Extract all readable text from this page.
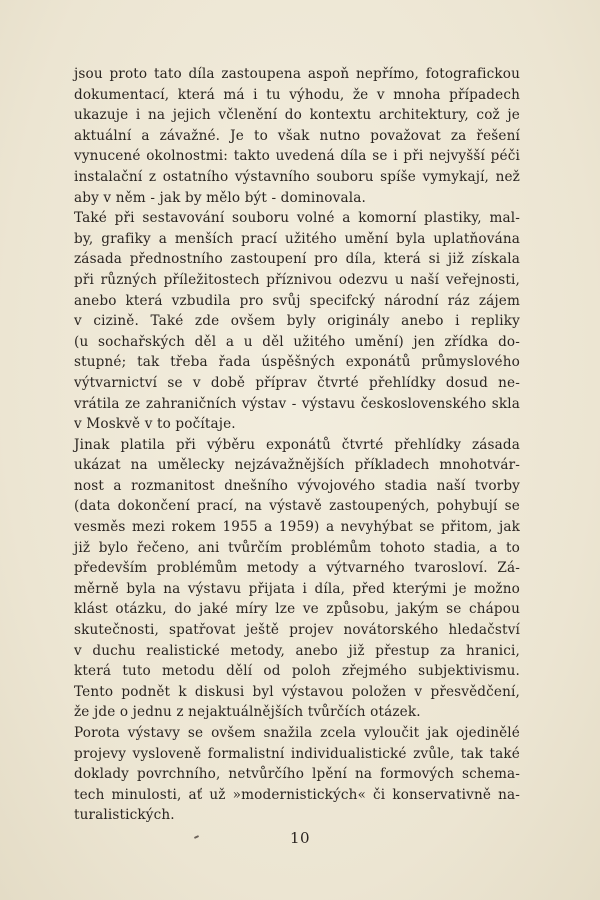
jsou proto tato díla zastoupena aspoň nepřímo, fotografickou
dokumentací, která má i tu výhodu, že v mnoha případech
ukazuje i na jejich včlenění do kontextu architektury, což je
aktuální a závažné. Je to však nutno považovat za řešení
vynucené okolnostmi: takto uvedená díla se i při nejvyšší péči
instalační z ostatního výstavního souboru spíše vymykají, než
aby v něm - jak by mělo být - dominovala.
Také při sestavování souboru volné a komorní plastiky, mal-
by, grafiky a menších prací užitého umění byla uplatňována
zásada přednostního zastoupení pro díla, která si již získala
při různých příležitostech příznivou odezvu u naší veřejnosti,
anebo která vzbudila pro svůj specifcký národní ráz zájem
v cizině. Také zde ovšem byly originály anebo i repliky
(u sochařských děl a u děl užitého umění) jen zřídka do-
stupné; tak třeba řada úspěšných exponátů průmyslového
výtvarnictví se v době příprav čtvrté přehlídky dosud ne-
vrátila ze zahraničních výstav - výstavu československého skla
v Moskvě v to počítaje.
Jinak platila při výběru exponátů čtvrté přehlídky zásada
ukázat na umělecky nejzávažnějších příkladech mnohotvár-
nost a rozmanitost dnešního vývojového stadia naší tvorby
(data dokončení prací, na výstavě zastoupených, pohybují se
vesměs mezi rokem 1955 a 1959) a nevyhýbat se přitom, jak
již bylo řečeno, ani tvůrčím problémům tohoto stadia, a to
především problémům metody a výtvarného tvarosloví. Zá-
měrně byla na výstavu přijata i díla, před kterými je možno
klást otázku, do jaké míry lze ve způsobu, jakým se chápou
skutečnosti, spatřovat ještě projev novátorského hledačství
v duchu realistické metody, anebo již přestup za hranici,
která tuto metodu dělí od poloh zřejmého subjektivismu.
Tento podnět k diskusi byl výstavou položen v přesvědčení,
že jde o jednu z nejaktuálnějších tvůrčích otázek.
Porota výstavy se ovšem snažila zcela vyloučit jak ojedinělé
projevy vysloveně formalistní individualistické zvůle, tak také
doklady povrchního, netvůrčího lpění na formových schema-
tech minulosti, ať už »modernistických« či konservativně na-
turalistických.
10
